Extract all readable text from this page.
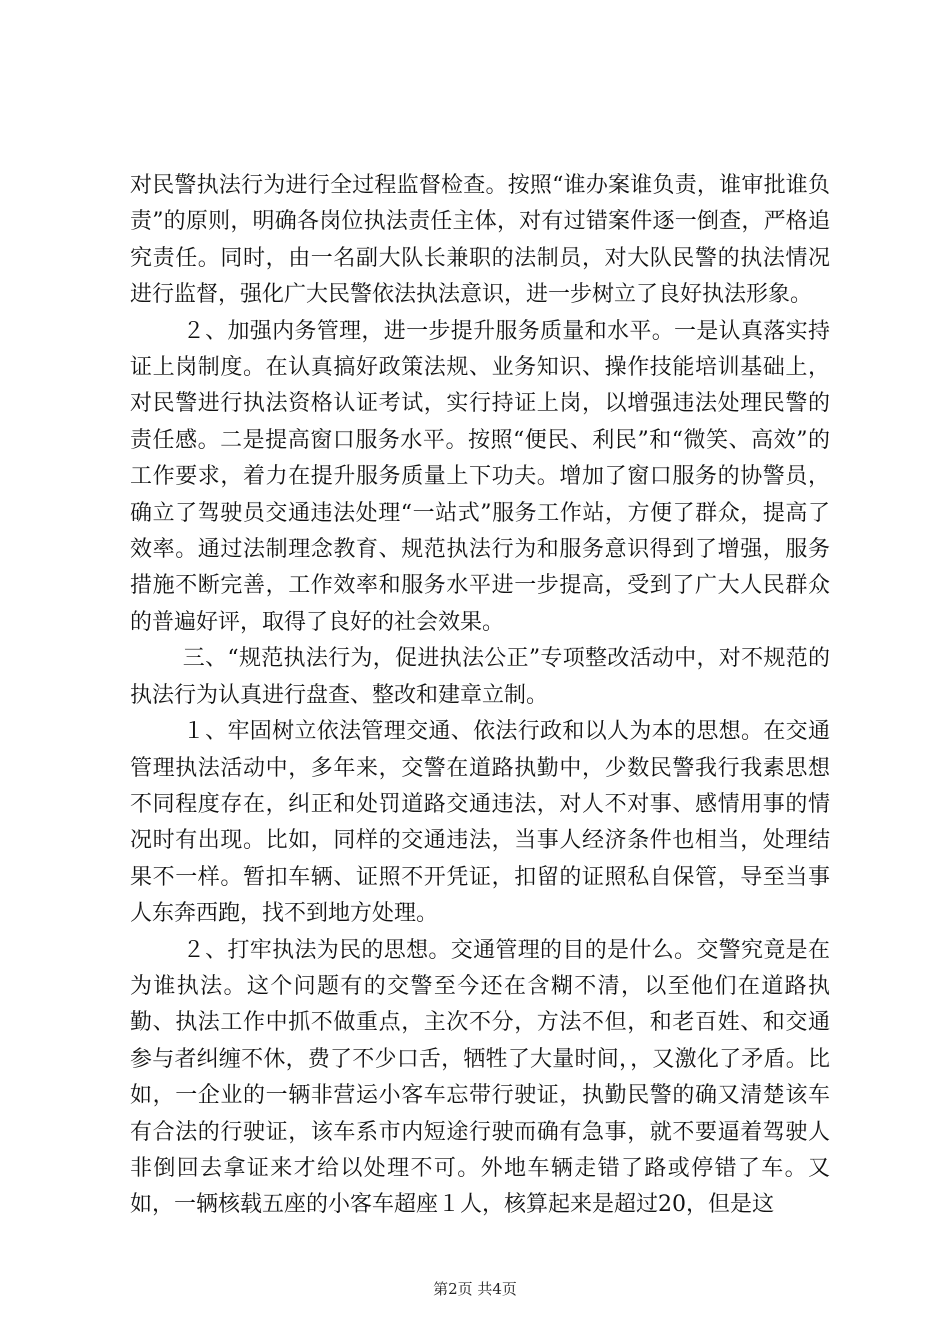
对民警执法行为进行全过程监督检查。按照“谁办案谁负责，谁审批谁负责”的原则，明确各岗位执法责任主体，对有过错案件逐一倒查，严格追究责任。同时，由一名副大队长兼职的法制员，对大队民警的执法情况进行监督，强化广大民警依法执法意识，进一步树立了良好执法形象。

２、加强内务管理，进一步提升服务质量和水平。一是认真落实持证上岗制度。在认真搞好政策法规、业务知识、操作技能培训基础上，对民警进行执法资格认证考试，实行持证上岗，以增强违法处理民警的责任感。二是提高窗口服务水平。按照“便民、利民”和“微笑、高效”的工作要求，着力在提升服务质量上下功夫。增加了窗口服务的协警员，确立了驾驶员交通违法处理“一站式”服务工作站，方便了群众，提高了效率。通过法制理念教育、规范执法行为和服务意识得到了增强，服务措施不断完善，工作效率和服务水平进一步提高，受到了广大人民群众的普遍好评，取得了良好的社会效果。

三、“规范执法行为，促进执法公正”专项整改活动中，对不规范的执法行为认真进行盘查、整改和建章立制。

１、牢固树立依法管理交通、依法行政和以人为本的思想。在交通管理执法活动中，多年来，交警在道路执勤中，少数民警我行我素思想不同程度存在，纠正和处罚道路交通违法，对人不对事、感情用事的情况时有出现。比如，同样的交通违法，当事人经济条件也相当，处理结果不一样。暂扣车辆、证照不开凭证，扣留的证照私自保管，导至当事人东奔西跑，找不到地方处理。

２、打牢执法为民的思想。交通管理的目的是什么。交警究竟是在为谁执法。这个问题有的交警至今还在含糊不清，以至他们在道路执勤、执法工作中抓不做重点，主次不分，方法不但，和老百姓、和交通参与者纠缠不休，费了不少口舌，牺牲了大量时间，，又激化了矛盾。比如，一企业的一辆非营运小客车忘带行驶证，执勤民警的确又清楚该车有合法的行驶证，该车系市内短途行驶而确有急事，就不要逼着驾驶人非倒回去拿证来才给以处理不可。外地车辆走错了路或停错了车。又如，一辆核载五座的小客车超座１人，核算起来是超过20，但是这

第2页 共4页
